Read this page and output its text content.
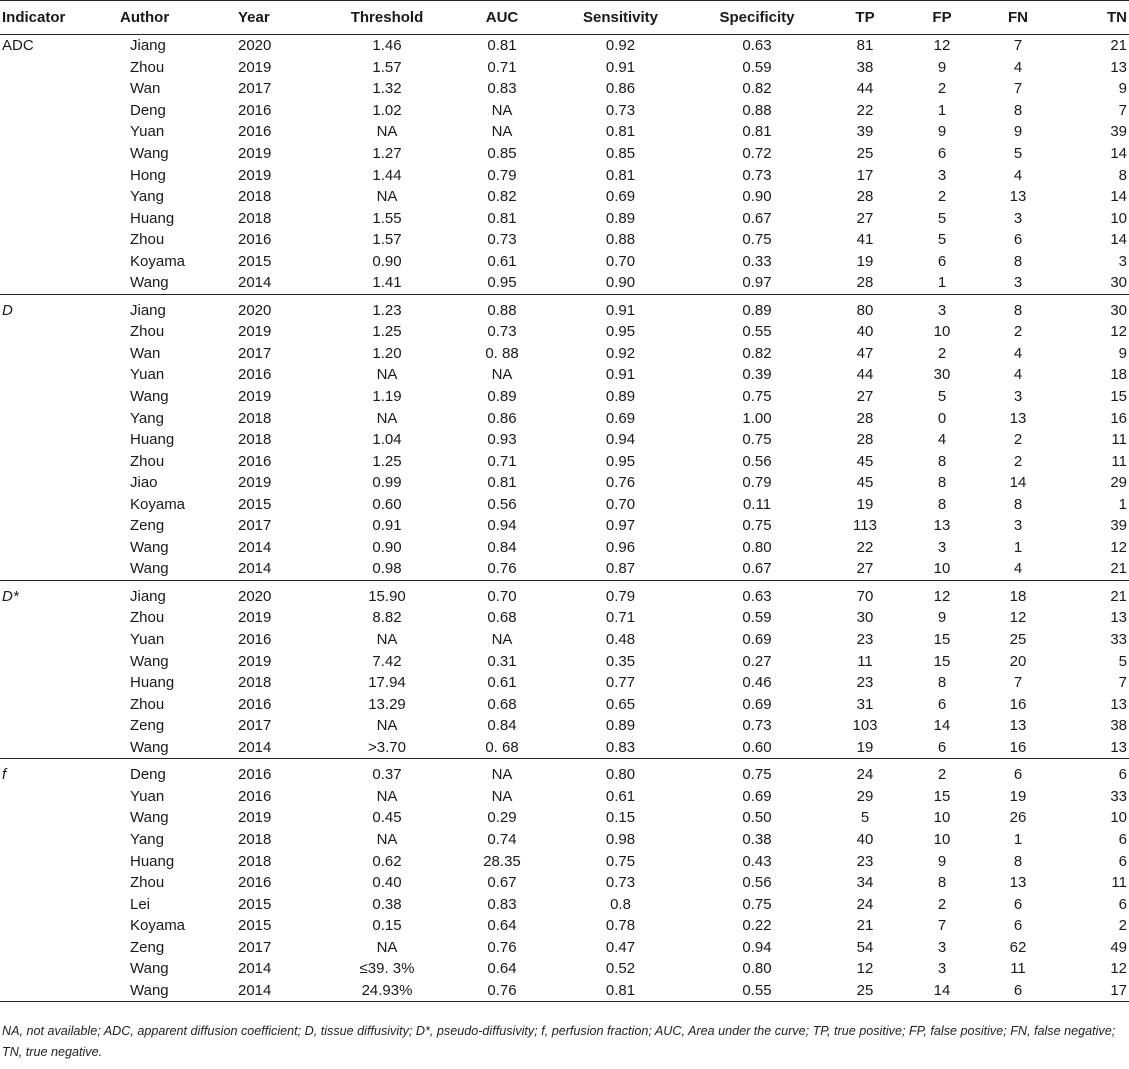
Indicator	Author	Year	Threshold	AUC	Sensitivity	Specificity	TP	FP	FN	TN
ADC	Jiang	2020	1.46	0.81	0.92	0.63	81	12	7	21
	Zhou	2019	1.57	0.71	0.91	0.59	38	9	4	13
	Wan	2017	1.32	0.83	0.86	0.82	44	2	7	9
	Deng	2016	1.02	NA	0.73	0.88	22	1	8	7
	Yuan	2016	NA	NA	0.81	0.81	39	9	9	39
	Wang	2019	1.27	0.85	0.85	0.72	25	6	5	14
	Hong	2019	1.44	0.79	0.81	0.73	17	3	4	8
	Yang	2018	NA	0.82	0.69	0.90	28	2	13	14
	Huang	2018	1.55	0.81	0.89	0.67	27	5	3	10
	Zhou	2016	1.57	0.73	0.88	0.75	41	5	6	14
	Koyama	2015	0.90	0.61	0.70	0.33	19	6	8	3
	Wang	2014	1.41	0.95	0.90	0.97	28	1	3	30
D	Jiang	2020	1.23	0.88	0.91	0.89	80	3	8	30
	Zhou	2019	1.25	0.73	0.95	0.55	40	10	2	12
	Wan	2017	1.20	0. 88	0.92	0.82	47	2	4	9
	Yuan	2016	NA	NA	0.91	0.39	44	30	4	18
	Wang	2019	1.19	0.89	0.89	0.75	27	5	3	15
	Yang	2018	NA	0.86	0.69	1.00	28	0	13	16
	Huang	2018	1.04	0.93	0.94	0.75	28	4	2	11
	Zhou	2016	1.25	0.71	0.95	0.56	45	8	2	11
	Jiao	2019	0.99	0.81	0.76	0.79	45	8	14	29
	Koyama	2015	0.60	0.56	0.70	0.11	19	8	8	1
	Zeng	2017	0.91	0.94	0.97	0.75	113	13	3	39
	Wang	2014	0.90	0.84	0.96	0.80	22	3	1	12
	Wang	2014	0.98	0.76	0.87	0.67	27	10	4	21
D*	Jiang	2020	15.90	0.70	0.79	0.63	70	12	18	21
	Zhou	2019	8.82	0.68	0.71	0.59	30	9	12	13
	Yuan	2016	NA	NA	0.48	0.69	23	15	25	33
	Wang	2019	7.42	0.31	0.35	0.27	11	15	20	5
	Huang	2018	17.94	0.61	0.77	0.46	23	8	7	7
	Zhou	2016	13.29	0.68	0.65	0.69	31	6	16	13
	Zeng	2017	NA	0.84	0.89	0.73	103	14	13	38
	Wang	2014	>3.70	0. 68	0.83	0.60	19	6	16	13
f	Deng	2016	0.37	NA	0.80	0.75	24	2	6	6
	Yuan	2016	NA	NA	0.61	0.69	29	15	19	33
	Wang	2019	0.45	0.29	0.15	0.50	5	10	26	10
	Yang	2018	NA	0.74	0.98	0.38	40	10	1	6
	Huang	2018	0.62	28.35	0.75	0.43	23	9	8	6
	Zhou	2016	0.40	0.67	0.73	0.56	34	8	13	11
	Lei	2015	0.38	0.83	0.8	0.75	24	2	6	6
	Koyama	2015	0.15	0.64	0.78	0.22	21	7	6	2
	Zeng	2017	NA	0.76	0.47	0.94	54	3	62	49
	Wang	2014	≤39. 3%	0.64	0.52	0.80	12	3	11	12
	Wang	2014	24.93%	0.76	0.81	0.55	25	14	6	17
NA, not available; ADC, apparent diffusion coefficient; D, tissue diffusivity; D*, pseudo-diffusivity; f, perfusion fraction; AUC, Area under the curve; TP, true positive; FP, false positive; FN, false negative; TN, true negative.
